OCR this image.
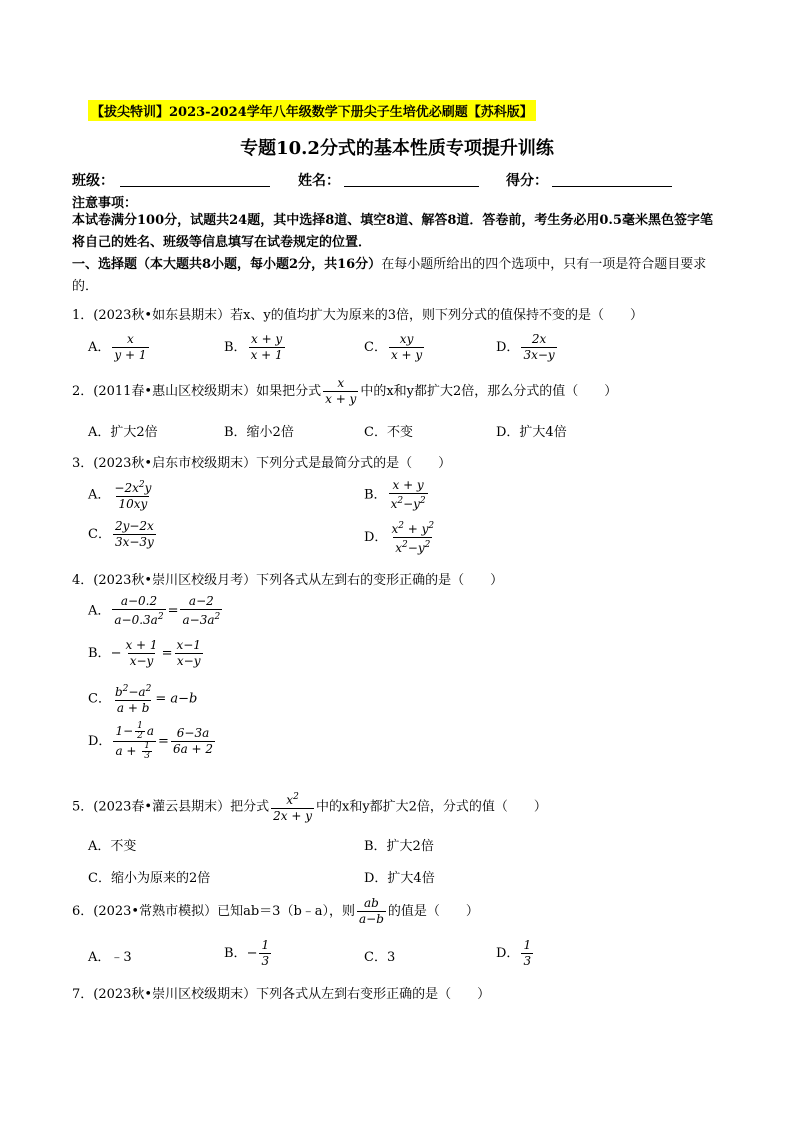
【拔尖特训】2023-2024学年八年级数学下册尖子生培优必刷题【苏科版】
专题10.2分式的基本性质专项提升训练
班级：	姓名：	得分：
注意事项：
本试卷满分100分，试题共24题，其中选择8道、填空8道、解答8道．答卷前，考生务必用0.5毫米黑色签字笔将自己的姓名、班级等信息填写在试卷规定的位置．
一、选择题（本大题共8小题，每小题2分，共16分）在每小题所给出的四个选项中，只有一项是符合题目要求的．
1．(2023秋•如东县期末）若x、y的值均扩大为原来的3倍，则下列分式的值保持不变的是（　　）
A． $\frac{x}{y + 1}$	B． $\frac{x + y}{x + 1}$	C． $\frac{xy}{x + y}$	D． $\frac{2x}{3x-y}$
2．(2011春•惠山区校级期末）如果把分式 $\frac{x}{x + y}$ 中的x和y都扩大2倍，那么分式的值（　　）
A．扩大2倍	B．缩小2倍	C．不变	D．扩大4倍
3．(2023秋•启东市校级期末）下列分式是最简分式的是（　　）
A． $\frac{-2x^2y}{10xy}$	B． $\frac{x + y}{x^2-y^2}$
C． $\frac{2y-2x}{3x-3y}$	D． $\frac{x^2 + y^2}{x^2-y^2}$
4．(2023秋•崇川区校级月考）下列各式从左到右的变形正确的是（　　）
A． $\frac{a-0.2}{a-0.3a^2} = \frac{a-2}{a-3a^2}$
B．− $\frac{x + 1}{x-y} = \frac{x-1}{x-y}$
C． $\frac{b^2-a^2}{a + b} = a-b$
D． $\frac{1- \frac{1}{2} a}{a + \frac{1}{3}} = \frac{6-3a}{6a + 2}$
5．(2023春•灌云县期末）把分式 $\frac{x^2}{2x + y}$ 中的x和y都扩大2倍，分式的值（　　）
A．不变	B．扩大2倍
C．缩小为原来的2倍	D．扩大4倍
6．(2023•常熟市模拟）已知ab＝3（b﹣a），则 $\frac{ab}{a-b}$ 的值是（　　）
A．﹣3	B．− $\frac{1}{3}$	C．3	D． $\frac{1}{3}$
7．(2023秋•崇川区校级期末）下列各式从左到右变形正确的是（　　）
